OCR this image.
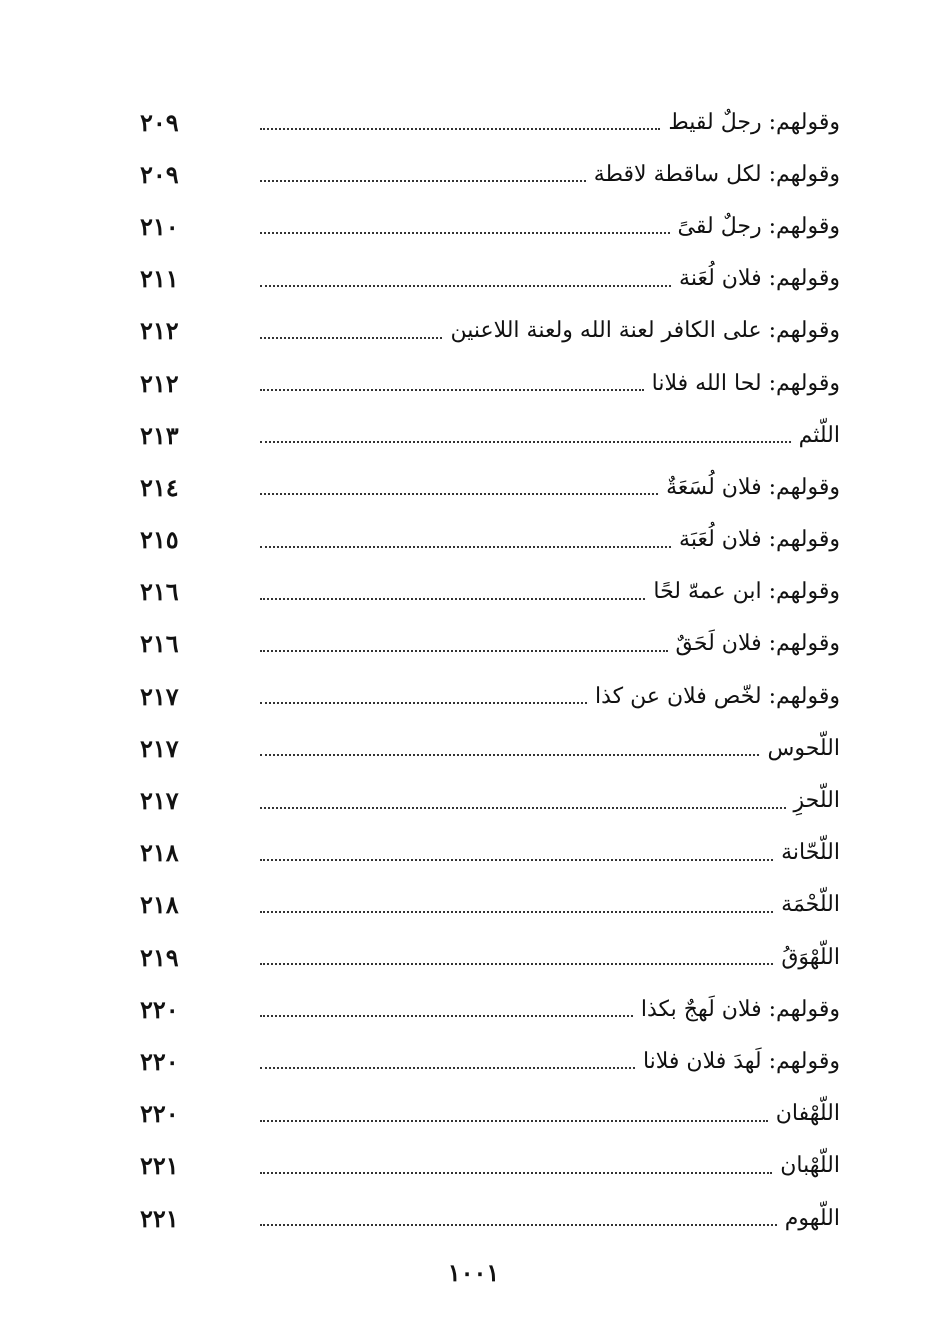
وقولهم: رجلٌ لقيط
٢٠٩
وقولهم: لكل ساقطة لاقطة
٢٠٩
وقولهم: رجلٌ لقىً
٢١٠
وقولهم: فلان لُعَنة
٢١١
وقولهم: على الكافر لعنة الله ولعنة اللاعنين
٢١٢
وقولهم: لحا الله فلانا
٢١٢
اللّثم
٢١٣
وقولهم: فلان لُسَعَةٌ
٢١٤
وقولهم: فلان لُعَبَة
٢١٥
وقولهم: ابن عمهّ لحًا
٢١٦
وقولهم: فلان لَحَقٌ
٢١٦
وقولهم: لخّص فلان عن كذا
٢١٧
اللّحوس
٢١٧
اللّحزِ
٢١٧
اللّحّانة
٢١٨
اللّحْمَة
٢١٨
اللّهْوَقُ
٢١٩
وقولهم: فلان لَهجٌ بكذا
٢٢٠
وقولهم: لَهدَ فلان فلانا
٢٢٠
اللّهْفان
٢٢٠
اللّهْبان
٢٢١
اللّهوم
٢٢١
١٠٠١
